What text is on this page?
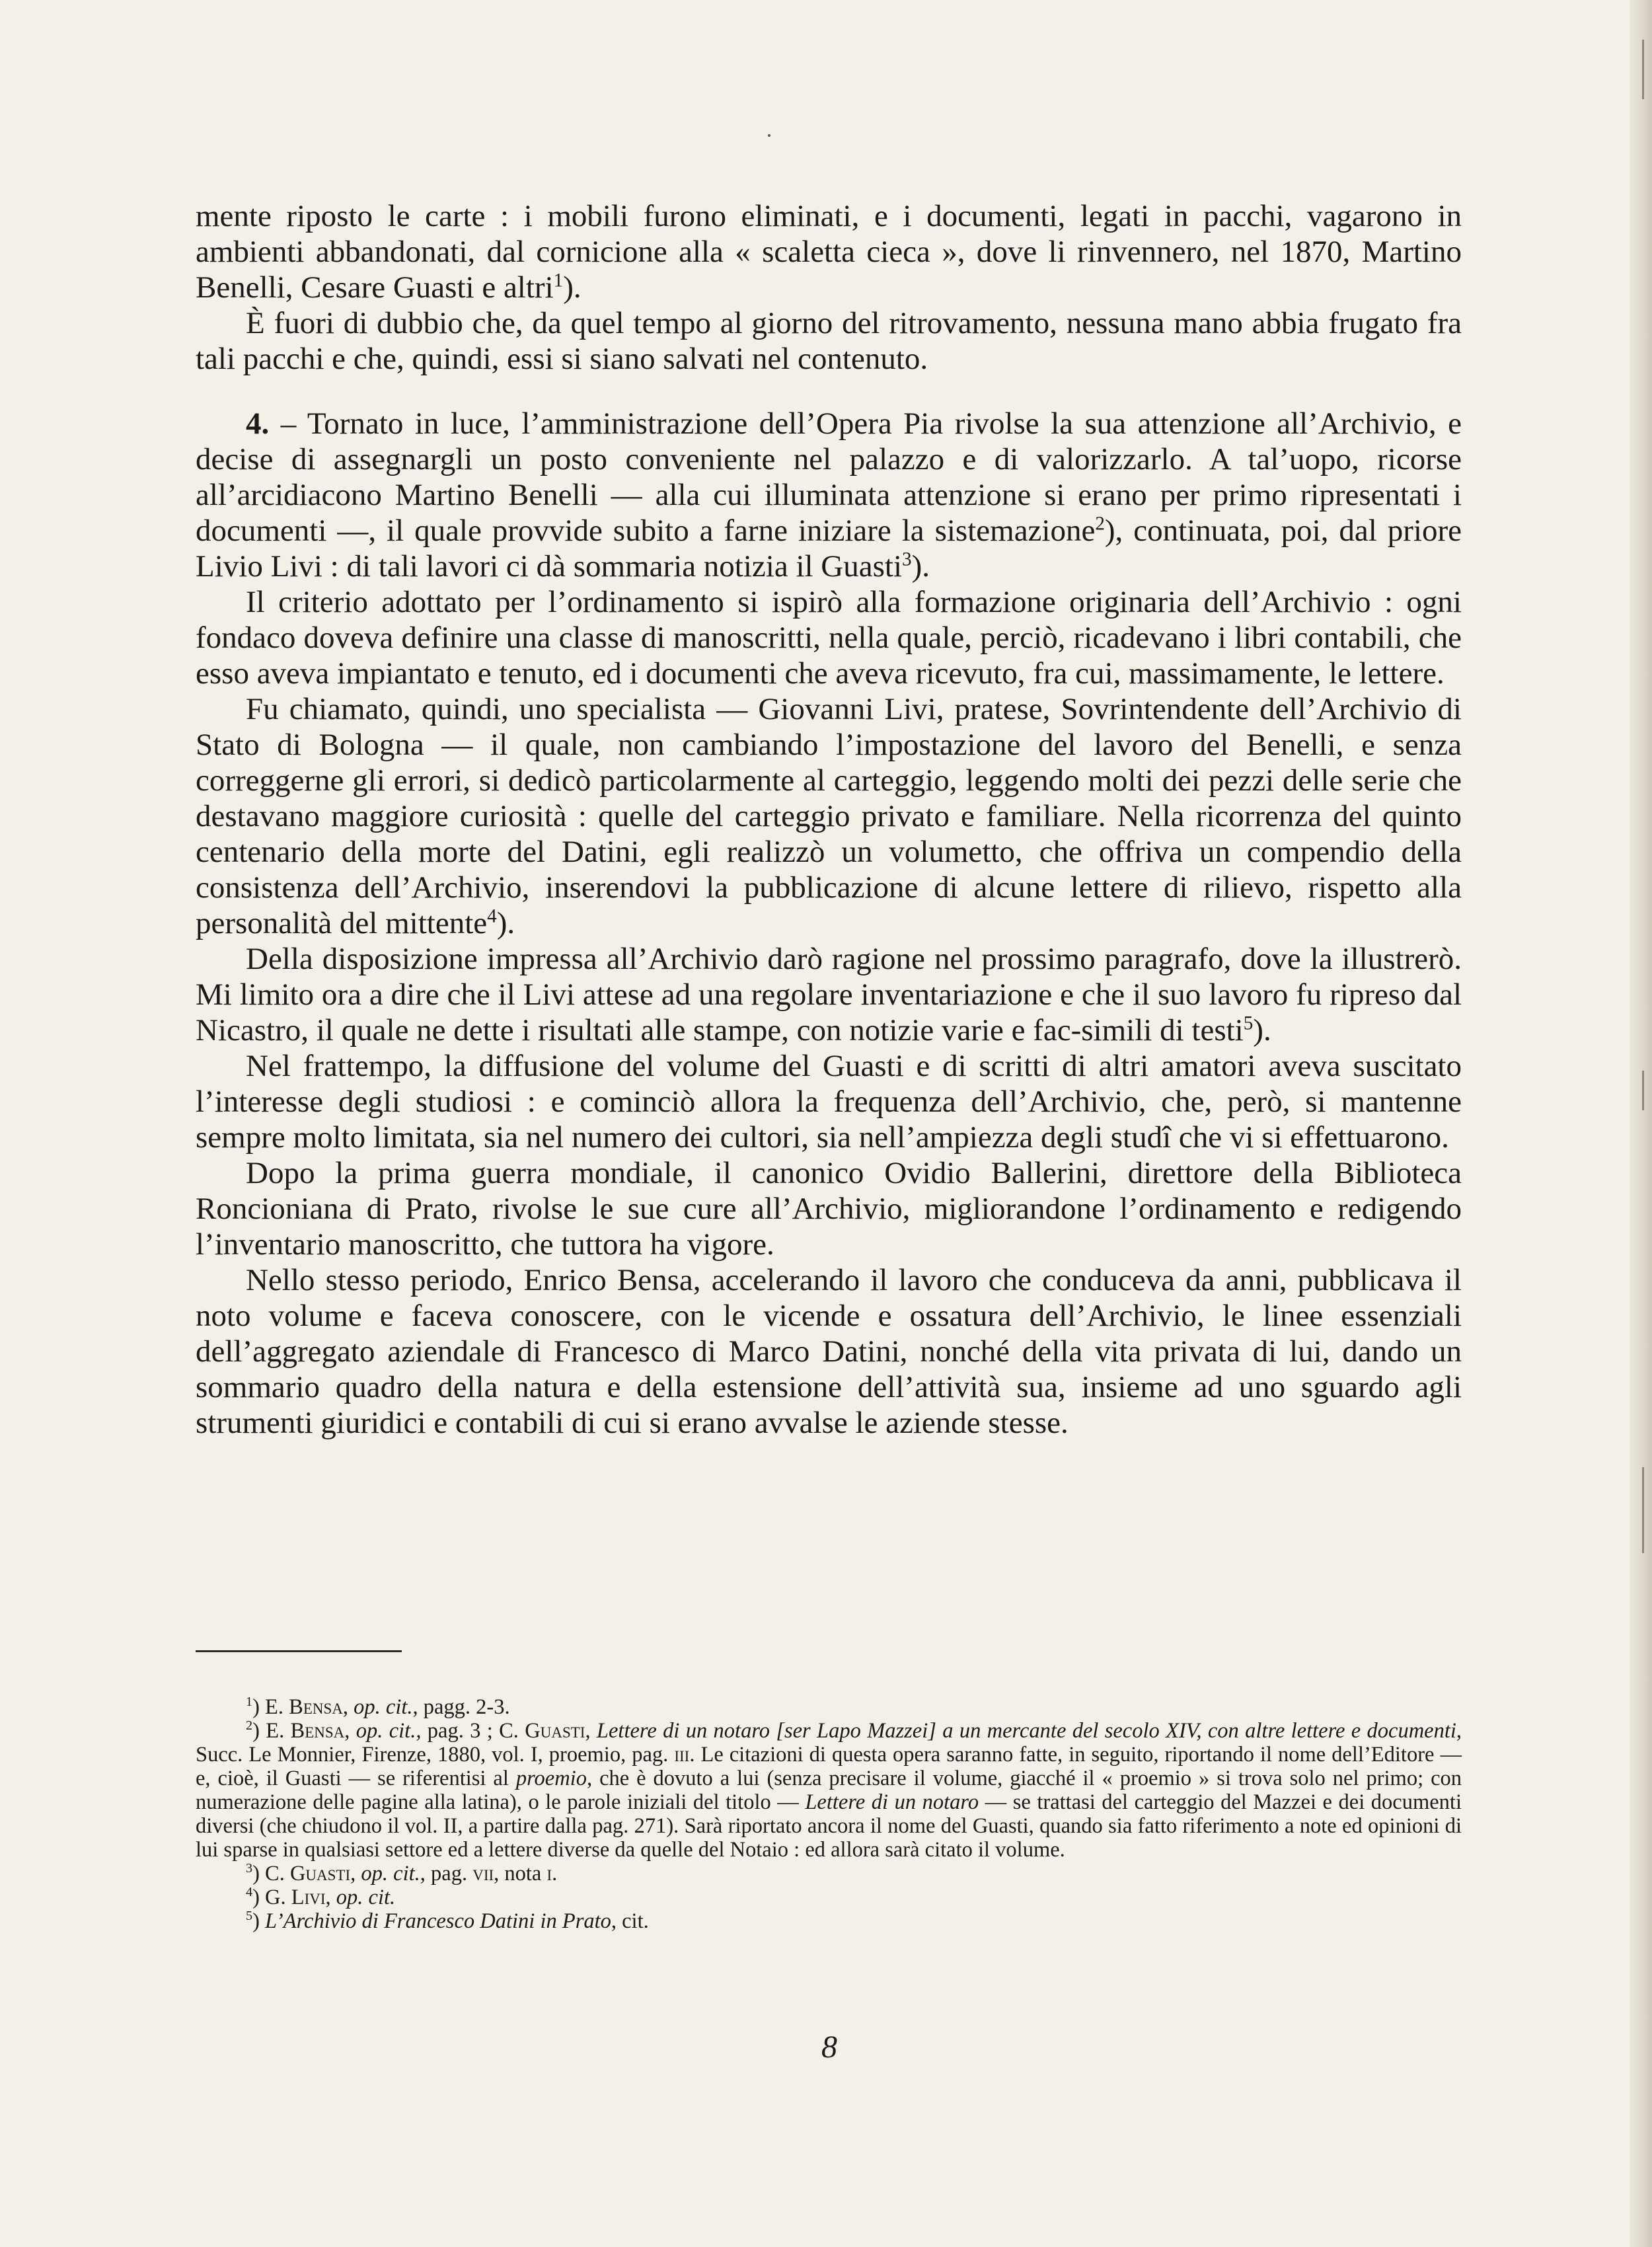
mente riposto le carte : i mobili furono eliminati, e i documenti, legati in pacchi, vagarono in ambienti abbandonati, dal cornicione alla « scaletta cieca », dove li rinvennero, nel 1870, Martino Benelli, Cesare Guasti e altri$^1$).

È fuori di dubbio che, da quel tempo al giorno del ritrovamento, nessuna mano abbia frugato fra tali pacchi e che, quindi, essi si siano salvati nel contenuto.

4. – Tornato in luce, l’amministrazione dell’Opera Pia rivolse la sua attenzione all’Archivio, e decise di assegnargli un posto conveniente nel palazzo e di valorizzarlo. A tal’uopo, ricorse all’arcidiacono Martino Benelli — alla cui illuminata attenzione si erano per primo ripresentati i documenti —, il quale provvide subito a farne iniziare la sistemazione$^2$), continuata, poi, dal priore Livio Livi : di tali lavori ci dà sommaria notizia il Guasti$^3$).

Il criterio adottato per l’ordinamento si ispirò alla formazione originaria dell’Archivio : ogni fondaco doveva definire una classe di manoscritti, nella quale, perciò, ricadevano i libri contabili, che esso aveva impiantato e tenuto, ed i documenti che aveva ricevuto, fra cui, massimamente, le lettere.

Fu chiamato, quindi, uno specialista — Giovanni Livi, pratese, Sovrintendente dell’Archivio di Stato di Bologna — il quale, non cambiando l’impostazione del lavoro del Benelli, e senza correggerne gli errori, si dedicò particolarmente al carteggio, leggendo molti dei pezzi delle serie che destavano maggiore curiosità : quelle del carteggio privato e familiare. Nella ricorrenza del quinto centenario della morte del Datini, egli realizzò un volumetto, che offriva un compendio della consistenza dell’Archivio, inserendovi la pubblicazione di alcune lettere di rilievo, rispetto alla personalità del mittente$^4$).

Della disposizione impressa all’Archivio darò ragione nel prossimo paragrafo, dove la illustrerò. Mi limito ora a dire che il Livi attese ad una regolare inventariazione e che il suo lavoro fu ripreso dal Nicastro, il quale ne dette i risultati alle stampe, con notizie varie e fac-simili di testi$^5$).

Nel frattempo, la diffusione del volume del Guasti e di scritti di altri amatori aveva suscitato l’interesse degli studiosi : e cominciò allora la frequenza dell’Archivio, che, però, si mantenne sempre molto limitata, sia nel numero dei cultori, sia nell’ampiezza degli studî che vi si effettuarono.

Dopo la prima guerra mondiale, il canonico Ovidio Ballerini, direttore della Biblioteca Roncioniana di Prato, rivolse le sue cure all’Archivio, migliorandone l’ordinamento e redigendo l’inventario manoscritto, che tuttora ha vigore.

Nello stesso periodo, Enrico Bensa, accelerando il lavoro che conduceva da anni, pubblicava il noto volume e faceva conoscere, con le vicende e ossatura dell’Archivio, le linee essenziali dell’aggregato aziendale di Francesco di Marco Datini, nonché della vita privata di lui, dando un sommario quadro della natura e della estensione dell’attività sua, insieme ad uno sguardo agli strumenti giuridici e contabili di cui si erano avvalse le aziende stesse.

$^1$) E. Bensa, op. cit., pagg. 2-3.

$^2$) E. Bensa, op. cit., pag. 3 ; C. Guasti, Lettere di un notaro [ser Lapo Mazzei] a un mercante del secolo XIV, con altre lettere e documenti, Succ. Le Monnier, Firenze, 1880, vol. I, proemio, pag. iii. Le citazioni di questa opera saranno fatte, in seguito, riportando il nome dell’Editore — e, cioè, il Guasti — se riferentisi al proemio, che è dovuto a lui (senza precisare il volume, giacché il « proemio » si trova solo nel primo; con numerazione delle pagine alla latina), o le parole iniziali del titolo — Lettere di un notaro — se trattasi del carteggio del Mazzei e dei documenti diversi (che chiudono il vol. II, a partire dalla pag. 271). Sarà riportato ancora il nome del Guasti, quando sia fatto riferimento a note ed opinioni di lui sparse in qualsiasi settore ed a lettere diverse da quelle del Notaio : ed allora sarà citato il volume.

$^3$) C. Guasti, op. cit., pag. vii, nota i.

$^4$) G. Livi, op. cit.

$^5$) L’Archivio di Francesco Datini in Prato, cit.

8
